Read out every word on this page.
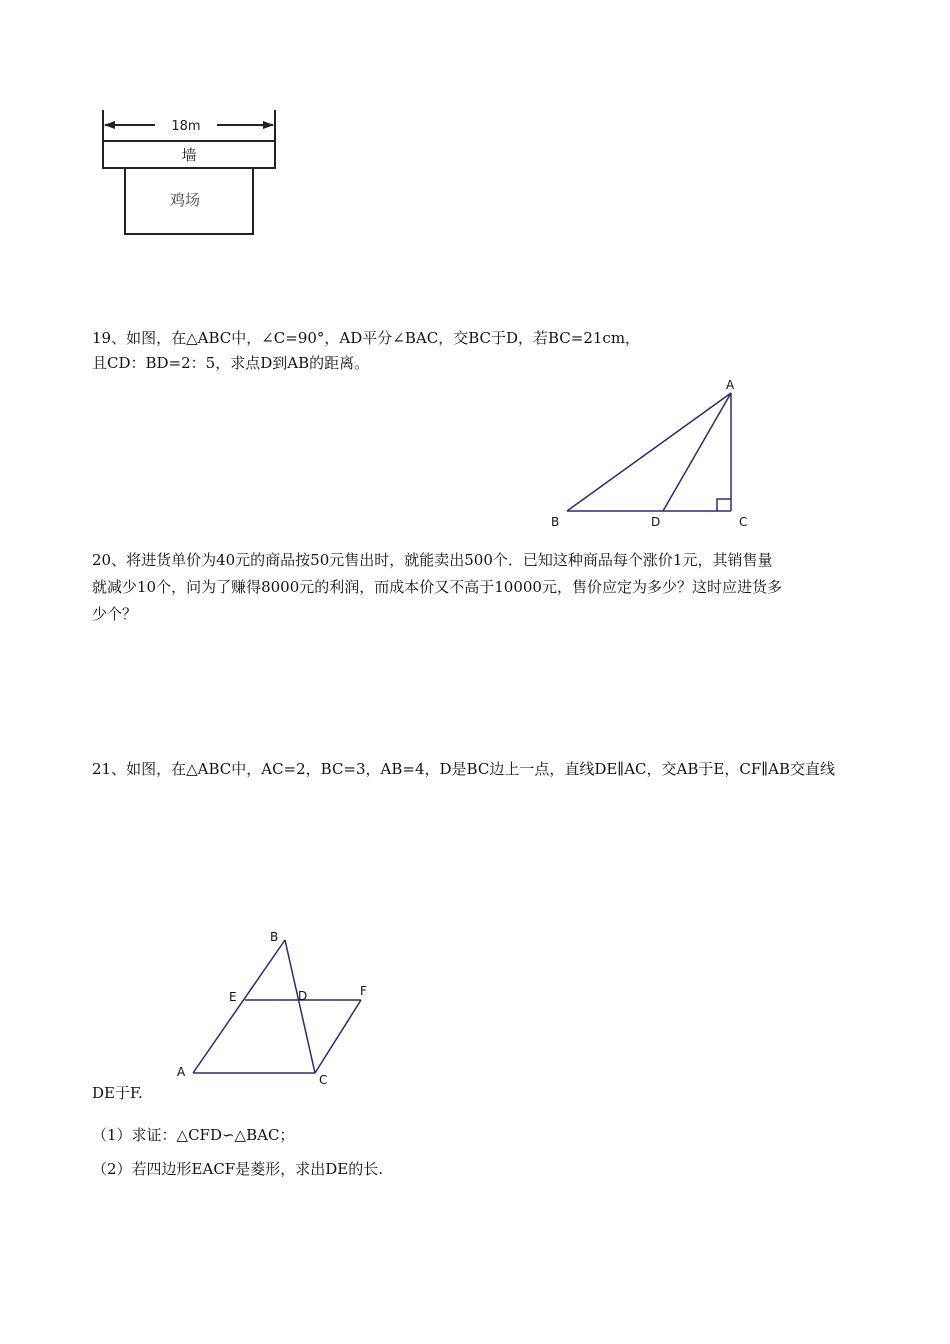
18m
墙
鸡场
19、如图，在△ABC中，∠C=90°，AD平分∠BAC，交BC于D，若BC=21cm，
且CD：BD=2：5，求点D到AB的距离。
A
B	D	C
20、将进货单价为40元的商品按50元售出时，就能卖出500个．已知这种商品每个涨价1元，其销售量
就减少10个，问为了赚得8000元的利润，而成本价又不高于10000元，售价应定为多少？这时应进货多
少个？
21、如图，在△ABC中，AC=2，BC=3，AB=4，D是BC边上一点，直线DE∥AC，交AB于E，CF∥AB交直线
B
E	D	F
A
C
DE于F.
（1）求证：△CFD∽△BAC；
（2）若四边形EACF是菱形，求出DE的长.
